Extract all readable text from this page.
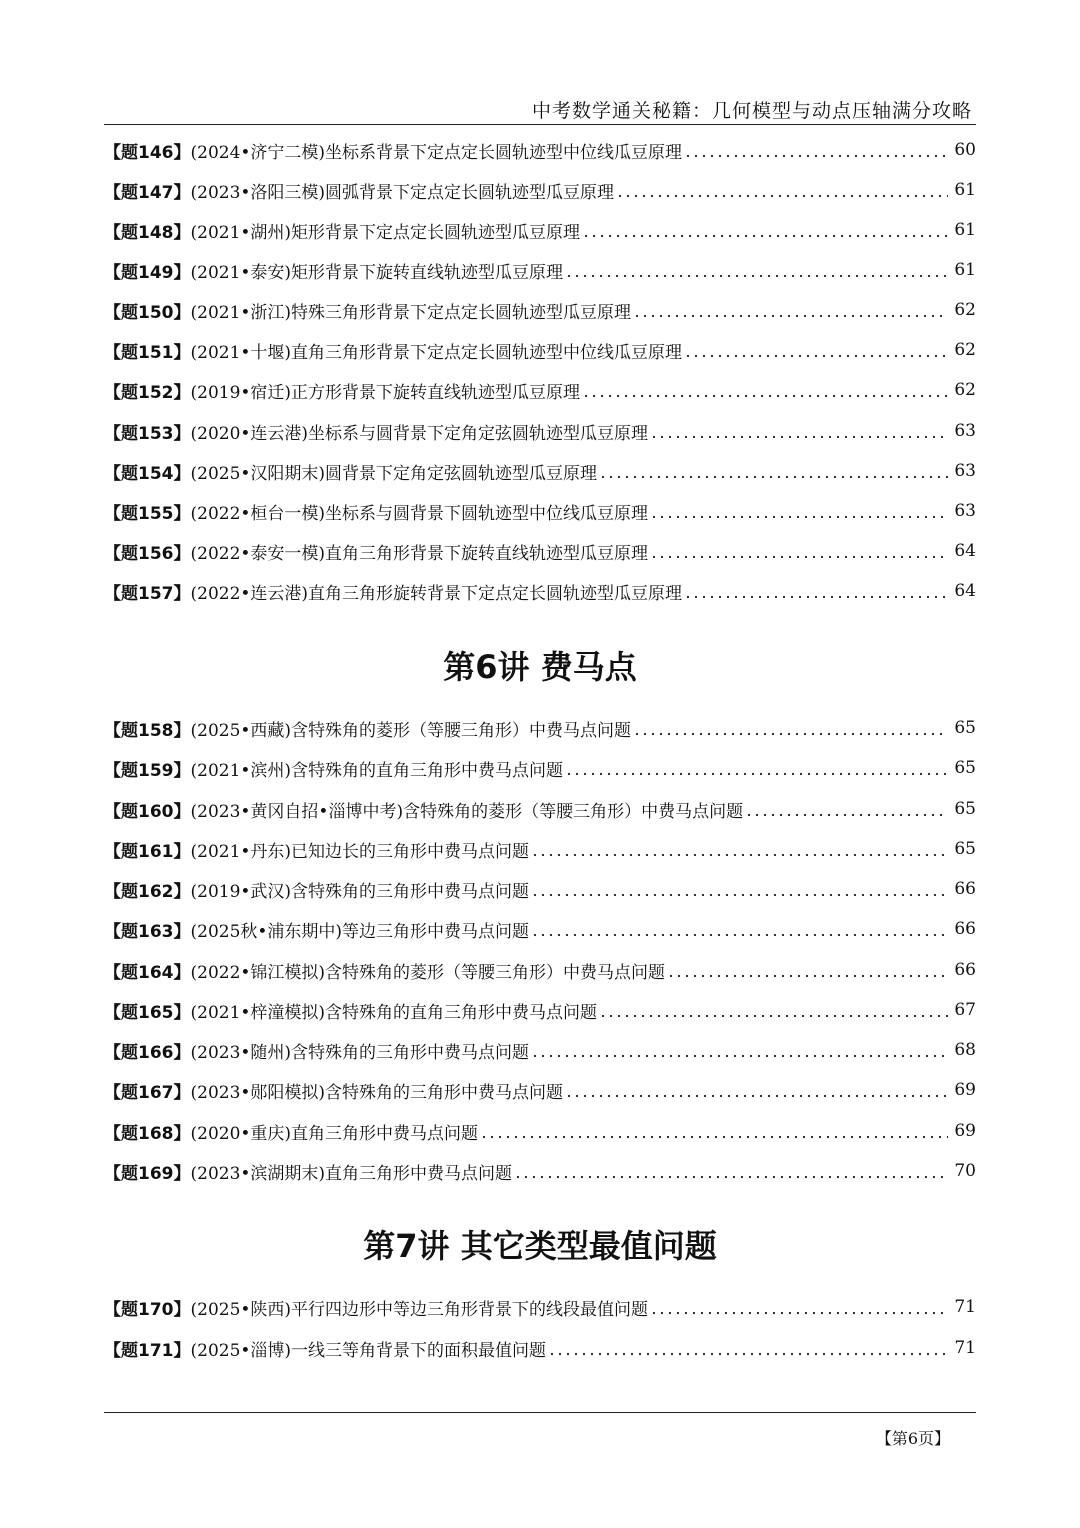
中考数学通关秘籍：几何模型与动点压轴满分攻略
【题146】 (2024•济宁二模)坐标系背景下定点定长圆轨迹型中位线瓜豆原理	60
【题147】 (2023•洛阳三模)圆弧背景下定点定长圆轨迹型瓜豆原理	61
【题148】 (2021•湖州)矩形背景下定点定长圆轨迹型瓜豆原理	61
【题149】 (2021•泰安)矩形背景下旋转直线轨迹型瓜豆原理	61
【题150】 (2021•浙江)特殊三角形背景下定点定长圆轨迹型瓜豆原理	62
【题151】 (2021•十堰)直角三角形背景下定点定长圆轨迹型中位线瓜豆原理	62
【题152】 (2019•宿迁)正方形背景下旋转直线轨迹型瓜豆原理	62
【题153】 (2020•连云港)坐标系与圆背景下定角定弦圆轨迹型瓜豆原理	63
【题154】 (2025•汉阳期末)圆背景下定角定弦圆轨迹型瓜豆原理	63
【题155】 (2022•桓台一模)坐标系与圆背景下圆轨迹型中位线瓜豆原理	63
【题156】 (2022•泰安一模)直角三角形背景下旋转直线轨迹型瓜豆原理	64
【题157】 (2022•连云港)直角三角形旋转背景下定点定长圆轨迹型瓜豆原理	64
第6讲 费马点
【题158】 (2025•西藏)含特殊角的菱形（等腰三角形）中费马点问题	65
【题159】 (2021•滨州)含特殊角的直角三角形中费马点问题	65
【题160】 (2023•黄冈自招•淄博中考)含特殊角的菱形（等腰三角形）中费马点问题	65
【题161】 (2021•丹东)已知边长的三角形中费马点问题	65
【题162】 (2019•武汉)含特殊角的三角形中费马点问题	66
【题163】 (2025秋•浦东期中)等边三角形中费马点问题	66
【题164】 (2022•锦江模拟)含特殊角的菱形（等腰三角形）中费马点问题	66
【题165】 (2021•梓潼模拟)含特殊角的直角三角形中费马点问题	67
【题166】 (2023•随州)含特殊角的三角形中费马点问题	68
【题167】 (2023•郧阳模拟)含特殊角的三角形中费马点问题	69
【题168】 (2020•重庆)直角三角形中费马点问题	69
【题169】 (2023•滨湖期末)直角三角形中费马点问题	70
第7讲 其它类型最值问题
【题170】 (2025•陕西)平行四边形中等边三角形背景下的线段最值问题	71
【题171】 (2025•淄博)一线三等角背景下的面积最值问题	71
【第6页】
